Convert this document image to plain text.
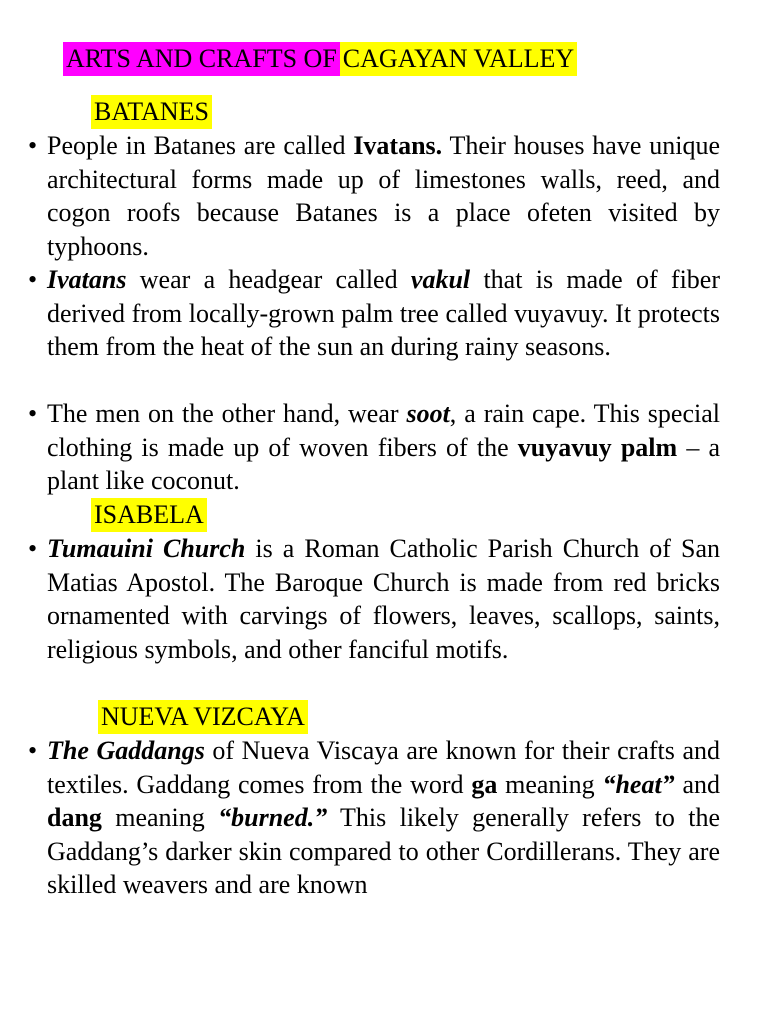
ARTS AND CRAFTS OF CAGAYAN VALLEY
BATANES
• People in Batanes are called Ivatans. Their houses have unique architectural forms made up of limestones walls, reed, and cogon roofs because Batanes is a place ofeten visited by typhoons.
• Ivatans wear a headgear called vakul that is made of fiber derived from locally-grown palm tree called vuyavuy. It protects them from the heat of the sun an during rainy seasons.
• The men on the other hand, wear soot, a rain cape. This special clothing is made up of woven fibers of the vuyavuy palm – a plant like coconut.
ISABELA
• Tumauini Church is a Roman Catholic Parish Church of San Matias Apostol. The Baroque Church is made from red bricks ornamented with carvings of flowers, leaves, scallops, saints, religious symbols, and other fanciful motifs.
NUEVA VIZCAYA
• The Gaddangs of Nueva Viscaya are known for their crafts and textiles. Gaddang comes from the word ga meaning “heat” and dang meaning “burned.” This likely generally refers to the Gaddang’s darker skin compared to other Cordillerans. They are skilled weavers and are known
